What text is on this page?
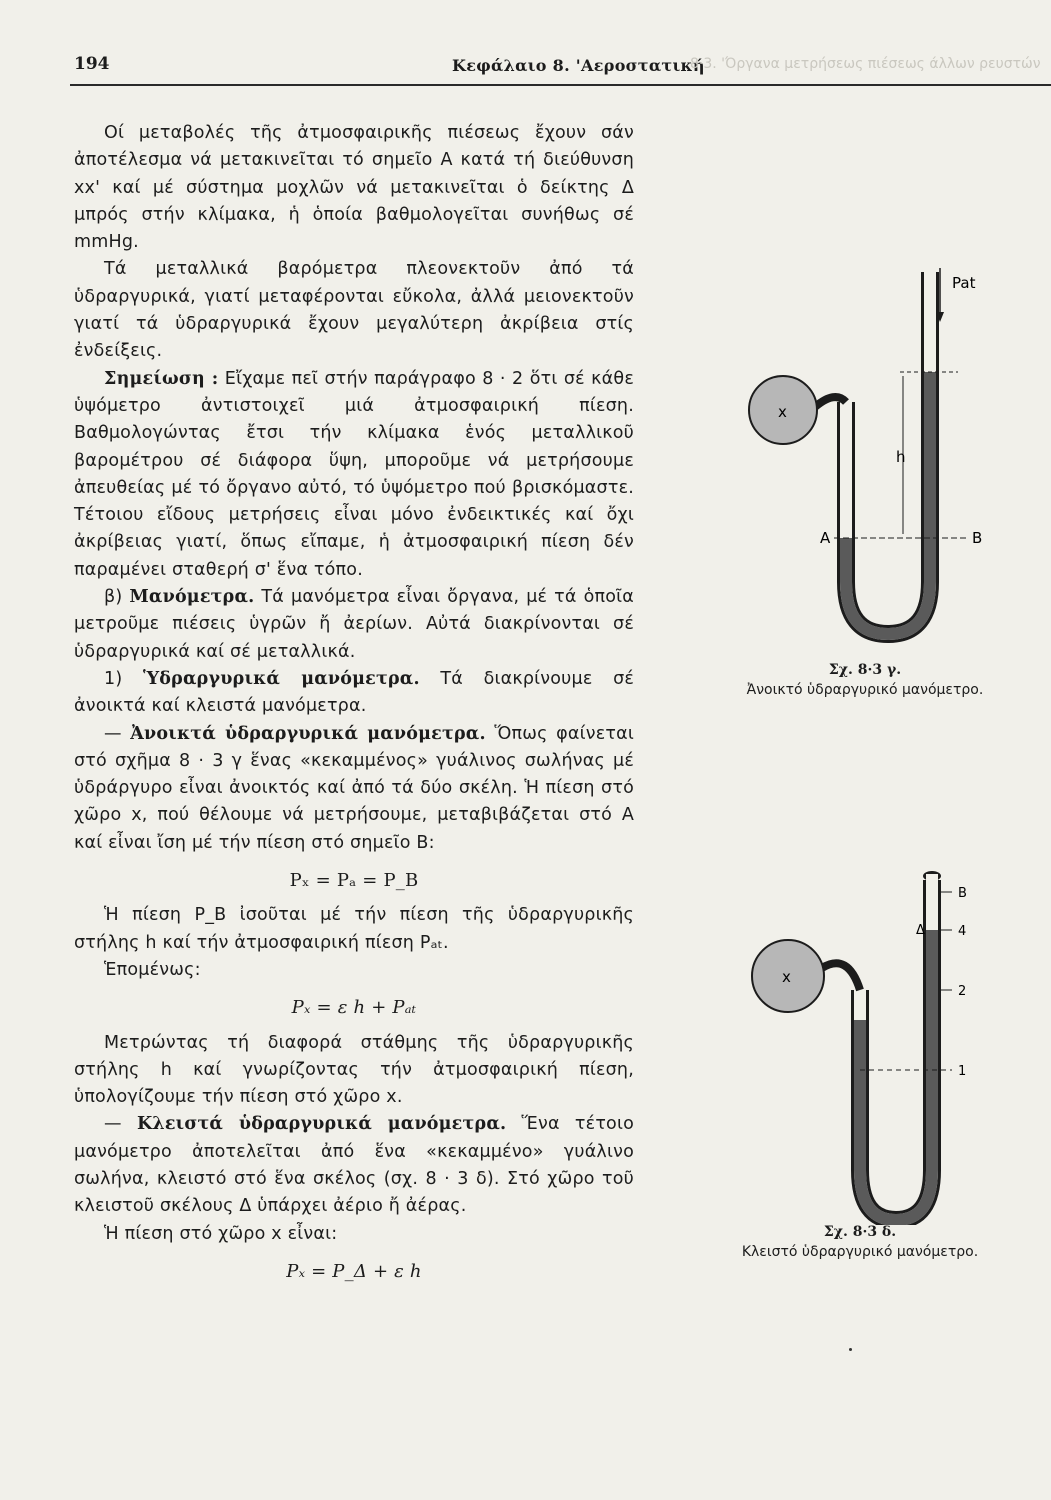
194	Κεφάλαιο 8. 'Αεροστατική
8·3. 'Όργανα μετρήσεως πιέσεως άλλων ρευστών

Οί μεταβολές τῆς ἀτμοσφαιρικῆς πιέσεως ἔχουν σάν ἀποτέλεσμα νά μετακινεῖται τό σημεῖο Α κατά τή διεύθυνση xx' καί μέ σύστημα μοχλῶν νά μετακινεῖται ὁ δείκτης Δ μπρός στήν κλίμακα, ἡ ὁποία βαθμολογεῖται συνήθως σέ mmHg.

Τά μεταλλικά βαρόμετρα πλεονεκτοῦν ἀπό τά ὑδραργυρικά, γιατί μεταφέρονται εὔκολα, ἀλλά μειονεκτοῦν γιατί τά ὑδραργυρικά ἔχουν μεγαλύτερη ἀκρίβεια στίς ἐνδείξεις.

Σημείωση : Εἴχαμε πεῖ στήν παράγραφο 8 · 2 ὅτι σέ κάθε ὑψόμετρο ἀντιστοιχεῖ μιά ἀτμοσφαιρική πίεση. Βαθμολογώντας ἔτσι τήν κλίμακα ἑνός μεταλλικοῦ βαρομέτρου σέ διάφορα ὕψη, μποροῦμε νά μετρήσουμε ἀπευθείας μέ τό ὄργανο αὐτό, τό ὑψόμετρο πού βρισκόμαστε. Τέτοιου εἴδους μετρήσεις εἶναι μόνο ἐνδεικτικές καί ὄχι ἀκρίβειας γιατί, ὅπως εἴπαμε, ἡ ἀτμοσφαιρική πίεση δέν παραμένει σταθερή σ' ἕνα τόπο.

β) Μανόμετρα. Τά μανόμετρα εἶναι ὄργανα, μέ τά ὁποῖα μετροῦμε πιέσεις ὑγρῶν ἤ ἀερίων. Αὐτά διακρίνονται σέ ὑδραργυρικά καί σέ μεταλλικά.

1) Ὑδραργυρικά μανόμετρα. Τά διακρίνουμε σέ ἀνοικτά καί κλειστά μανόμετρα.

— Ἀνοικτά ὑδραργυρικά μανόμετρα. Ὅπως φαίνεται στό σχῆμα 8 · 3 γ ἕνας «κεκαμμένος» γυάλινος σωλήνας μέ ὑδράργυρο εἶναι ἀνοικτός καί ἀπό τά δύο σκέλη. Ἡ πίεση στό χῶρο x, πού θέλουμε νά μετρήσουμε, μεταβιβάζεται στό Α καί εἶναι ἴση μέ τήν πίεση στό σημεῖο Β:

Pₓ = Pₐ = P_B

Ἡ πίεση P_B ἰσοῦται μέ τήν πίεση τῆς ὑδραργυρικῆς στήλης h καί τήν ἀτμοσφαιρική πίεση Pₐₜ.

Ἑπομένως:

Pₓ = ε h + Pₐₜ

Μετρώντας τή διαφορά στάθμης τῆς ὑδραργυρικῆς στήλης h καί γνωρίζοντας τήν ἀτμοσφαιρική πίεση, ὑπολογίζουμε τήν πίεση στό χῶρο x.

— Κλειστά ὑδραργυρικά μανόμετρα. Ἕνα τέτοιο μανόμετρο ἀποτελεῖται ἀπό ἕνα «κεκαμμένο» γυάλινο σωλήνα, κλειστό στό ἕνα σκέλος (σχ. 8 · 3 δ). Στό χῶρο τοῦ κλειστοῦ σκέλους Δ ὑπάρχει ἀέριο ἤ ἀέρας.

Ἡ πίεση στό χῶρο x εἶναι:

Pₓ = P_Δ + ε h
x
Pat
h
A	B
Σχ. 8·3 γ.
Ἀνοικτό ὑδραργυρικό μανόμετρο.
x
B
Δ	4
2
1
Σχ. 8·3 δ.
Κλειστό ὑδραργυρικό μανόμετρο.
